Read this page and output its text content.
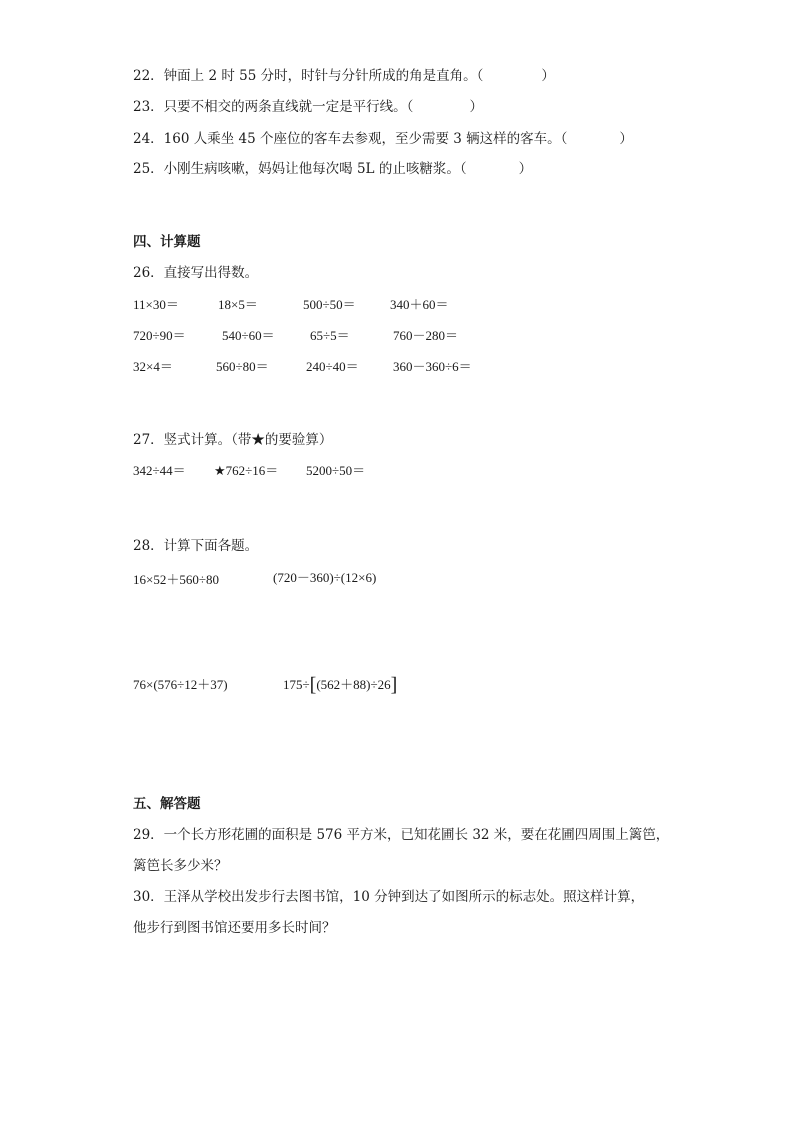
22．钟面上 2 时 55 分时，时针与分针所成的角是直角。（	）
23．只要不相交的两条直线就一定是平行线。（	）
24．160 人乘坐 45 个座位的客车去参观，至少需要 3 辆这样的客车。（	）
25．小刚生病咳嗽，妈妈让他每次喝 5L 的止咳糖浆。（	）
四、计算题
26．直接写出得数。
11×30＝	18×5＝	500÷50＝	340＋60＝
720÷90＝	540÷60＝	65÷5＝	760－280＝
32×4＝	560÷80＝	240÷40＝	360－360÷6＝
27．竖式计算。（带★的要验算）
342÷44＝ ★762÷16＝ 5200÷50＝
28．计算下面各题。
16×52＋560÷80	(720－360)÷(12×6)
76×(576÷12＋37)	175÷[(562＋88)÷26]
五、解答题
29．一个长方形花圃的面积是 576 平方米，已知花圃长 32 米，要在花圃四周围上篱笆，
篱笆长多少米？
30．王泽从学校出发步行去图书馆，10 分钟到达了如图所示的标志处。照这样计算，
他步行到图书馆还要用多长时间？
